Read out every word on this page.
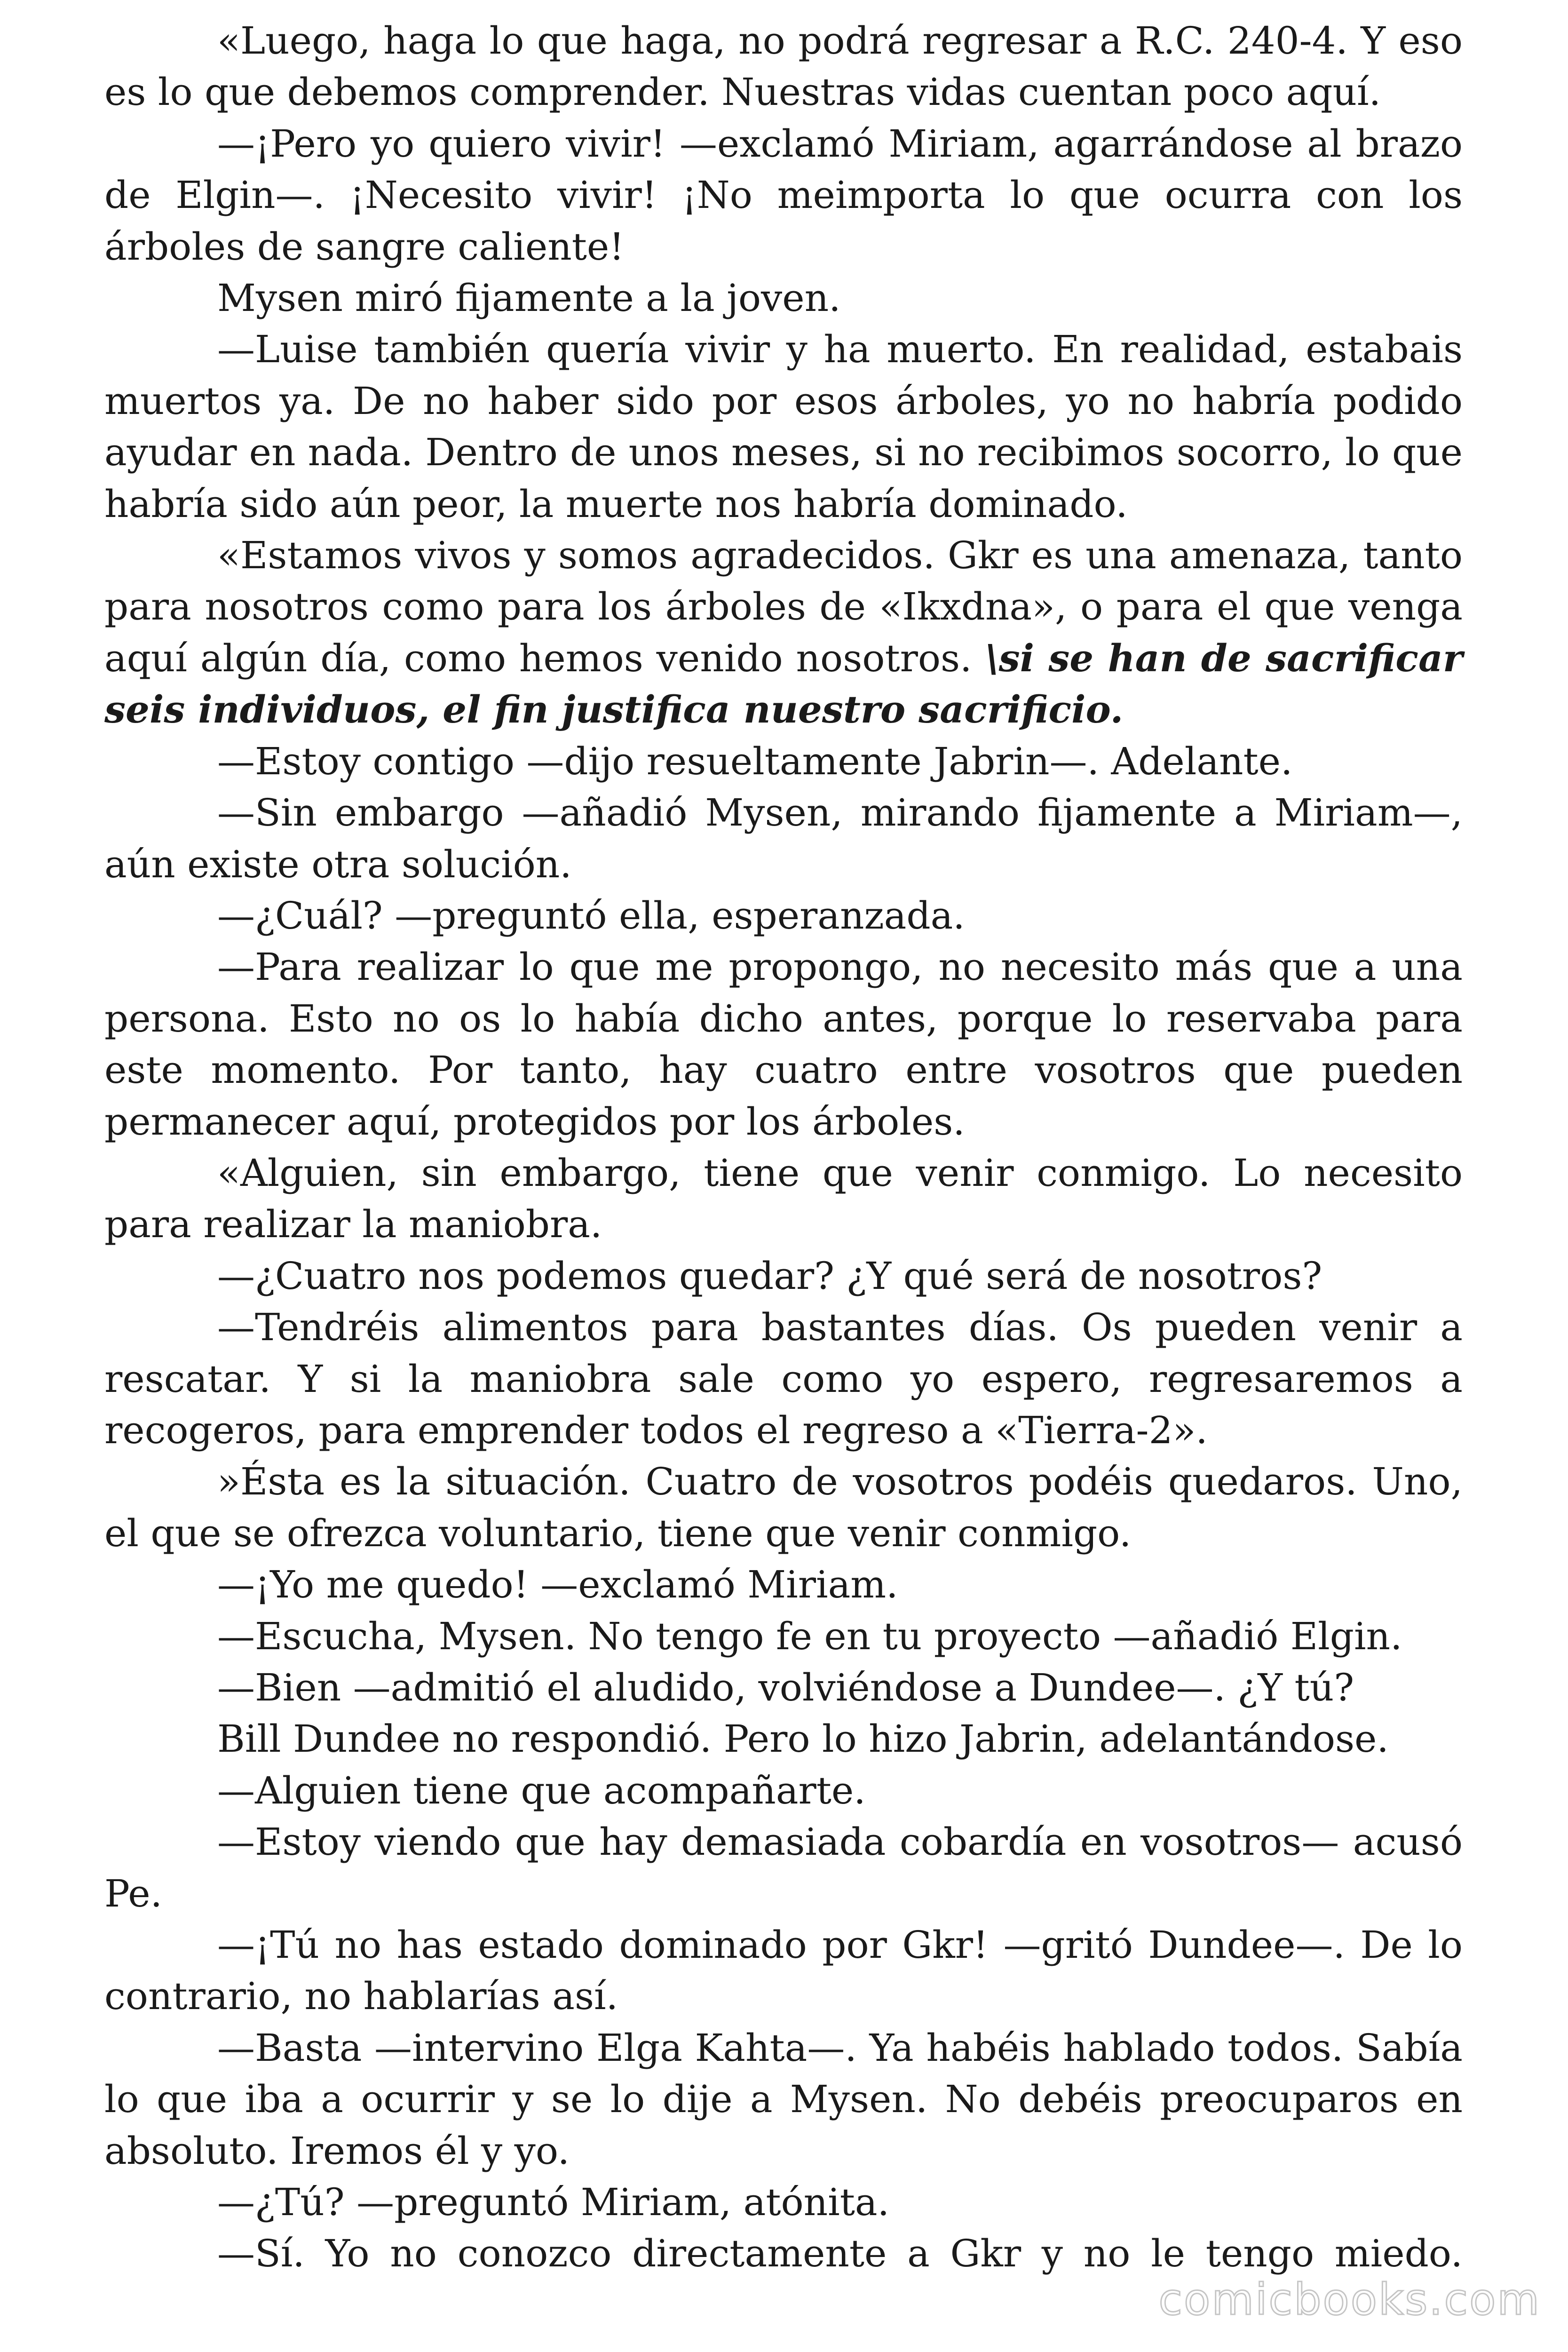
«Luego, haga lo que haga, no podrá regresar a R.C. 240-4. Y eso es lo que debemos comprender. Nuestras vidas cuentan poco aquí.

—¡Pero yo quiero vivir! —exclamó Miriam, agarrándose al brazo de Elgin—. ¡Necesito vivir! ¡No meimporta lo que ocurra con los árboles de sangre caliente!

Mysen miró fijamente a la joven.

—Luise también quería vivir y ha muerto. En realidad, estabais muertos ya. De no haber sido por esos árboles, yo no habría podido ayudar en nada. Dentro de unos meses, si no recibimos socorro, lo que habría sido aún peor, la muerte nos habría dominado.

«Estamos vivos y somos agradecidos. Gkr es una amenaza, tanto para nosotros como para los árboles de «Ikxdna», o para el que venga aquí algún día, como hemos venido nosotros. \si se han de sacrificar seis individuos, el fin justifica nuestro sacrificio.

—Estoy contigo —dijo resueltamente Jabrin—. Adelante.

—Sin embargo —añadió Mysen, mirando fijamente a Miriam—, aún existe otra solución.

—¿Cuál? —preguntó ella, esperanzada.

—Para realizar lo que me propongo, no necesito más que a una persona. Esto no os lo había dicho antes, porque lo reservaba para este momento. Por tanto, hay cuatro entre vosotros que pueden permanecer aquí, protegidos por los árboles.

«Alguien, sin embargo, tiene que venir conmigo. Lo necesito para realizar la maniobra.

—¿Cuatro nos podemos quedar? ¿Y qué será de nosotros?

—Tendréis alimentos para bastantes días. Os pueden venir a rescatar. Y si la maniobra sale como yo espero, regresaremos a recogeros, para emprender todos el regreso a «Tierra-2».

»Ésta es la situación. Cuatro de vosotros podéis quedaros. Uno, el que se ofrezca voluntario, tiene que venir conmigo.

—¡Yo me quedo! —exclamó Miriam.

—Escucha, Mysen. No tengo fe en tu proyecto —añadió Elgin.

—Bien —admitió el aludido, volviéndose a Dundee—. ¿Y tú?

Bill Dundee no respondió. Pero lo hizo Jabrin, adelantándose.

—Alguien tiene que acompañarte.

—Estoy viendo que hay demasiada cobardía en vosotros— acusó Pe.

—¡Tú no has estado dominado por Gkr! —gritó Dundee—. De lo contrario, no hablarías así.

—Basta —intervino Elga Kahta—. Ya habéis hablado todos. Sabía lo que iba a ocurrir y se lo dije a Mysen. No debéis preocuparos en absoluto. Iremos él y yo.

—¿Tú? —preguntó Miriam, atónita.

—Sí. Yo no conozco directamente a Gkr y no le tengo miedo.

comicbooks.com
